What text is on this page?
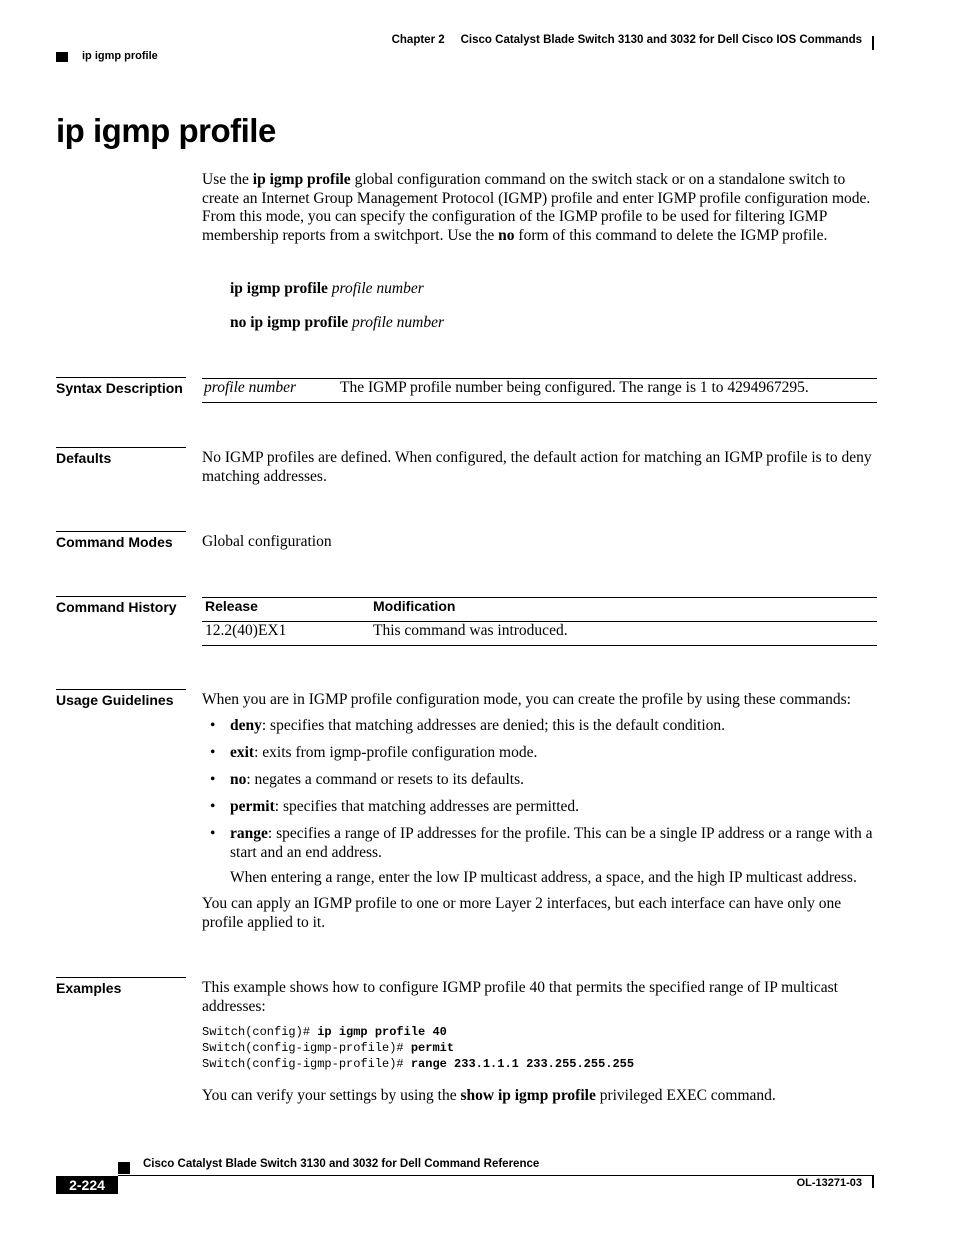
Chapter 2 Cisco Catalyst Blade Switch 3130 and 3032 for Dell Cisco IOS Commands
ip igmp profile
ip igmp profile
Use the ip igmp profile global configuration command on the switch stack or on a standalone switch to create an Internet Group Management Protocol (IGMP) profile and enter IGMP profile configuration mode. From this mode, you can specify the configuration of the IGMP profile to be used for filtering IGMP membership reports from a switchport. Use the no form of this command to delete the IGMP profile.
ip igmp profile profile number
no ip igmp profile profile number
Syntax Description profile number	The IGMP profile number being configured. The range is 1 to 4294967295.
Defaults	No IGMP profiles are defined. When configured, the default action for matching an IGMP profile is to deny matching addresses.
Command Modes	Global configuration
Command History	Release	Modification
12.2(40)EX1	This command was introduced.
Usage Guidelines	When you are in IGMP profile configuration mode, you can create the profile by using these commands:
• deny: specifies that matching addresses are denied; this is the default condition.
• exit: exits from igmp-profile configuration mode.
• no: negates a command or resets to its defaults.
• permit: specifies that matching addresses are permitted.
• range: specifies a range of IP addresses for the profile. This can be a single IP address or a range with a start and an end address.
When entering a range, enter the low IP multicast address, a space, and the high IP multicast address.
You can apply an IGMP profile to one or more Layer 2 interfaces, but each interface can have only one profile applied to it.
Examples	This example shows how to configure IGMP profile 40 that permits the specified range of IP multicast addresses:
Switch(config)# ip igmp profile 40
Switch(config-igmp-profile)# permit
Switch(config-igmp-profile)# range 233.1.1.1 233.255.255.255
You can verify your settings by using the show ip igmp profile privileged EXEC command.
Cisco Catalyst Blade Switch 3130 and 3032 for Dell Command Reference
2-224	OL-13271-03
